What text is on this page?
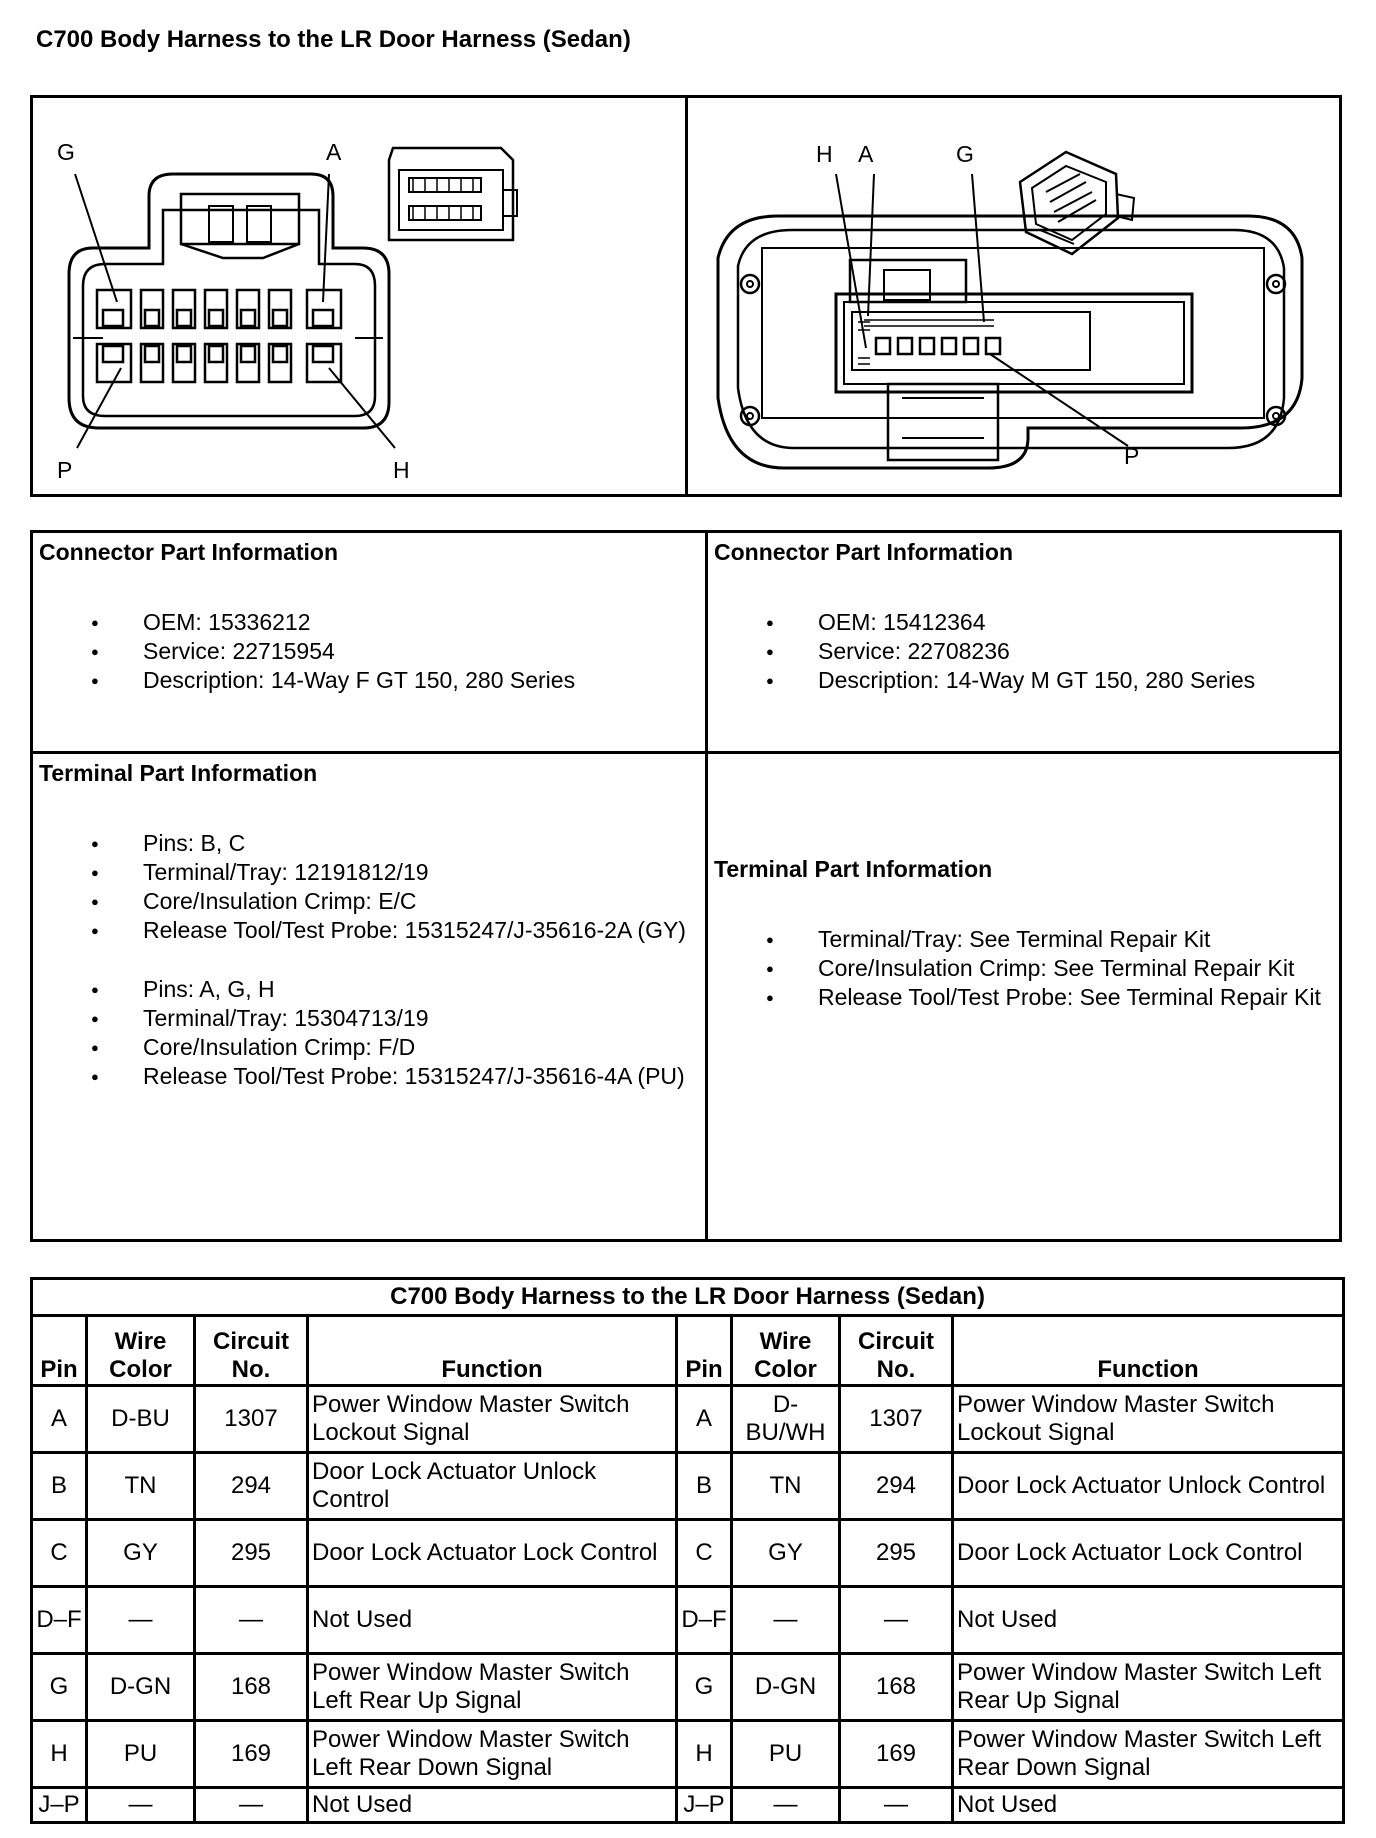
C700 Body Harness to the LR Door Harness (Sedan)
G	A
P	H
H A	G
P
Connector Part Information
● OEM: 15336212
● Service: 22715954
● Description: 14-Way F GT 150, 280 Series
Connector Part Information
● OEM: 15412364
● Service: 22708236
● Description: 14-Way M GT 150, 280 Series
Terminal Part Information
● Pins: B, C
● Terminal/Tray: 12191812/19
● Core/Insulation Crimp: E/C
● Release Tool/Test Probe: 15315247/J-35616-2A (GY)
● Pins: A, G, H
● Terminal/Tray: 15304713/19
● Core/Insulation Crimp: F/D
● Release Tool/Test Probe: 15315247/J-35616-4A (PU)
Terminal Part Information
● Terminal/Tray: See Terminal Repair Kit
● Core/Insulation Crimp: See Terminal Repair Kit
● Release Tool/Test Probe: See Terminal Repair Kit
C700 Body Harness to the LR Door Harness (Sedan)							
Pin	Wire Color	Circuit No.	Function	Pin	Wire Color	Circuit No.	Function
A	D-BU	1307	Power Window Master Switch Lockout Signal	A	D-BU/WH	1307	Power Window Master Switch Lockout Signal
B	TN	294	Door Lock Actuator Unlock Control	B	TN	294	Door Lock Actuator Unlock Control
C	GY	295	Door Lock Actuator Lock Control	C	GY	295	Door Lock Actuator Lock Control
D–F	—	—	Not Used	D–F	—	—	Not Used
G	D-GN	168	Power Window Master Switch Left Rear Up Signal	G	D-GN	168	Power Window Master Switch Left Rear Up Signal
H	PU	169	Power Window Master Switch Left Rear Down Signal	H	PU	169	Power Window Master Switch Left Rear Down Signal
J–P	—	—	Not Used	J–P	—	—	Not Used
